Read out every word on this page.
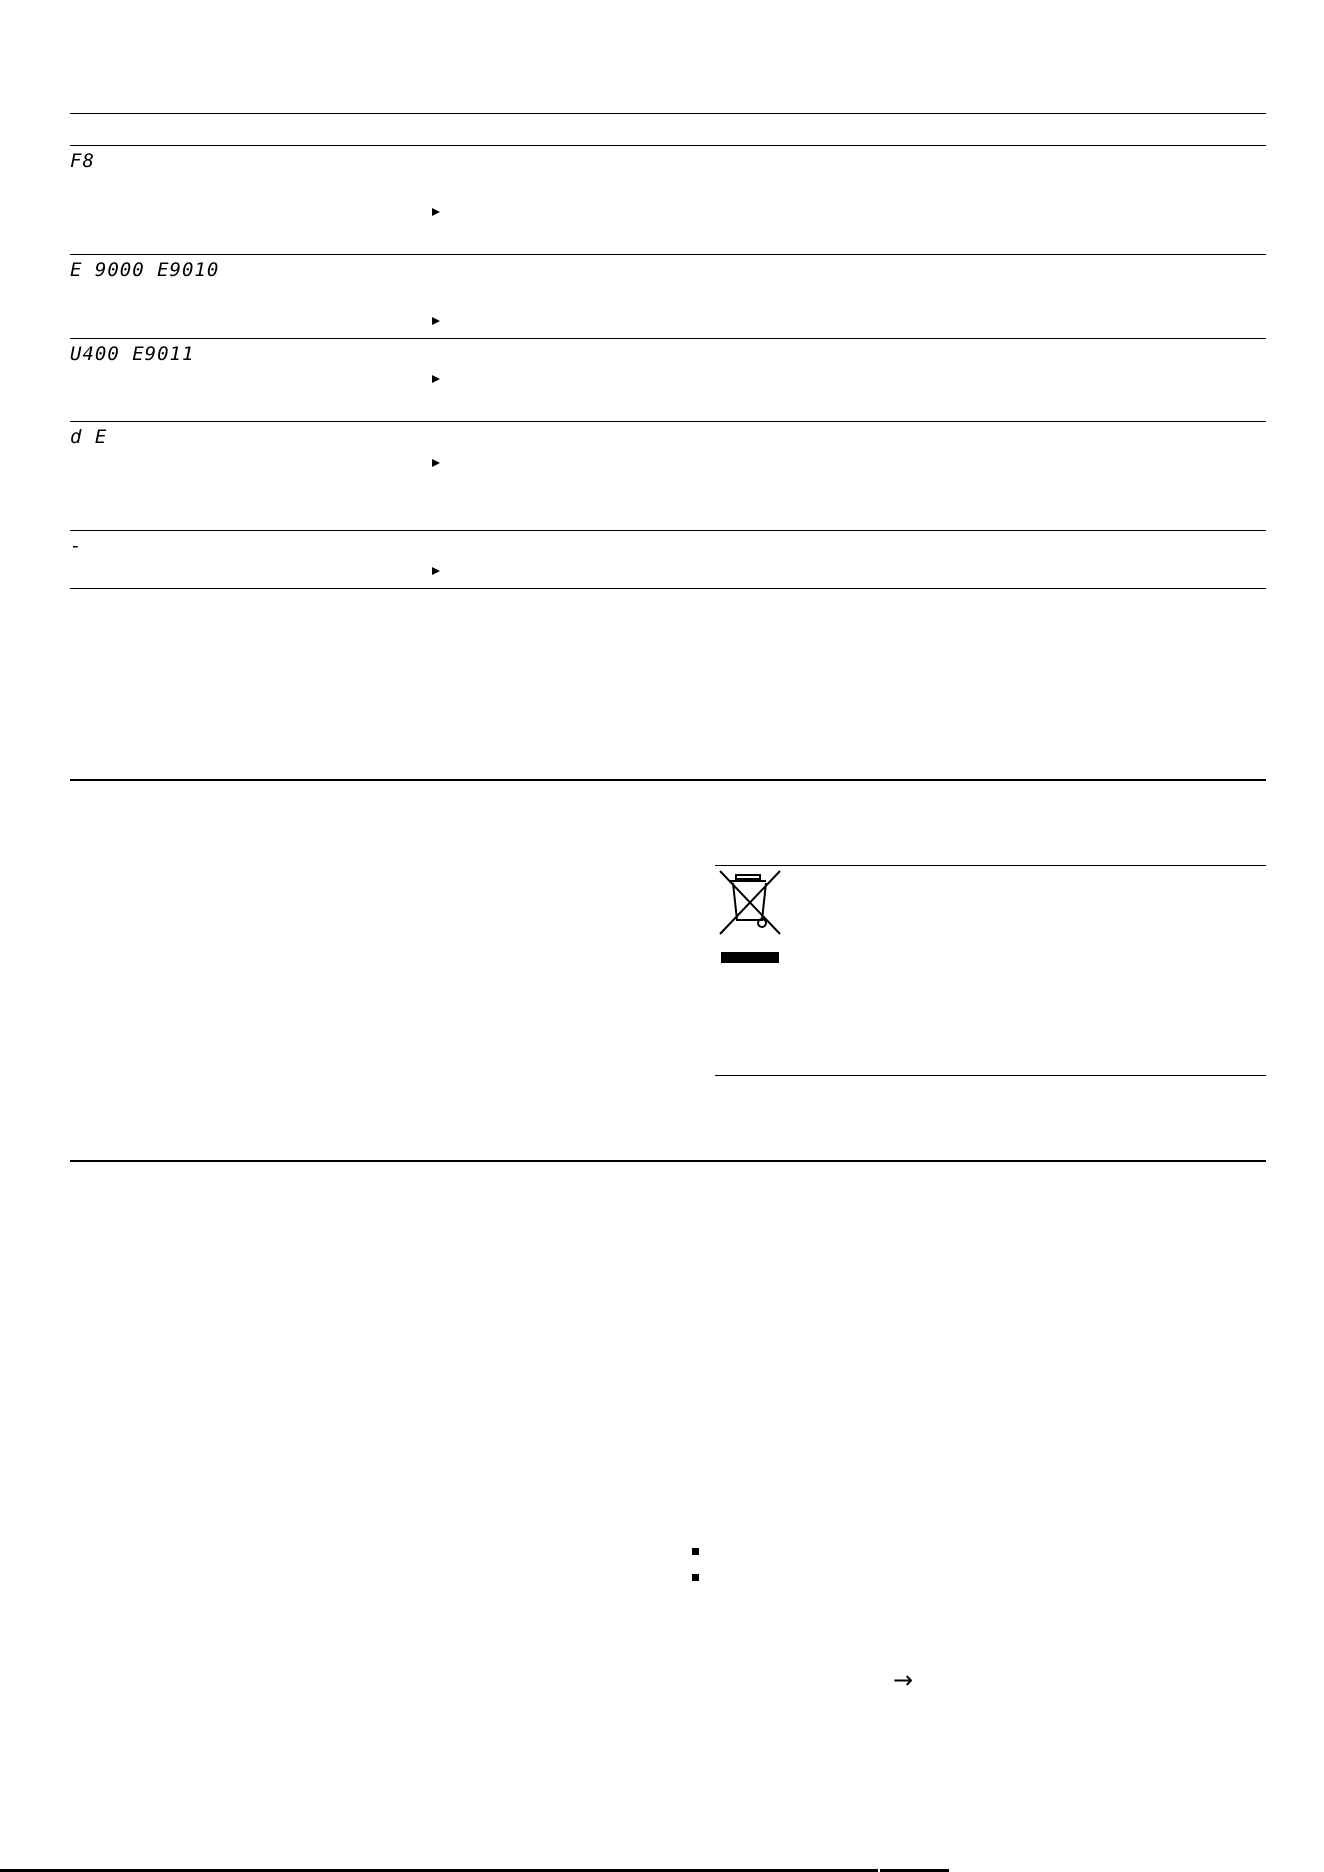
F8
E 9000 E9010
U400 E9011
d E
-
→
